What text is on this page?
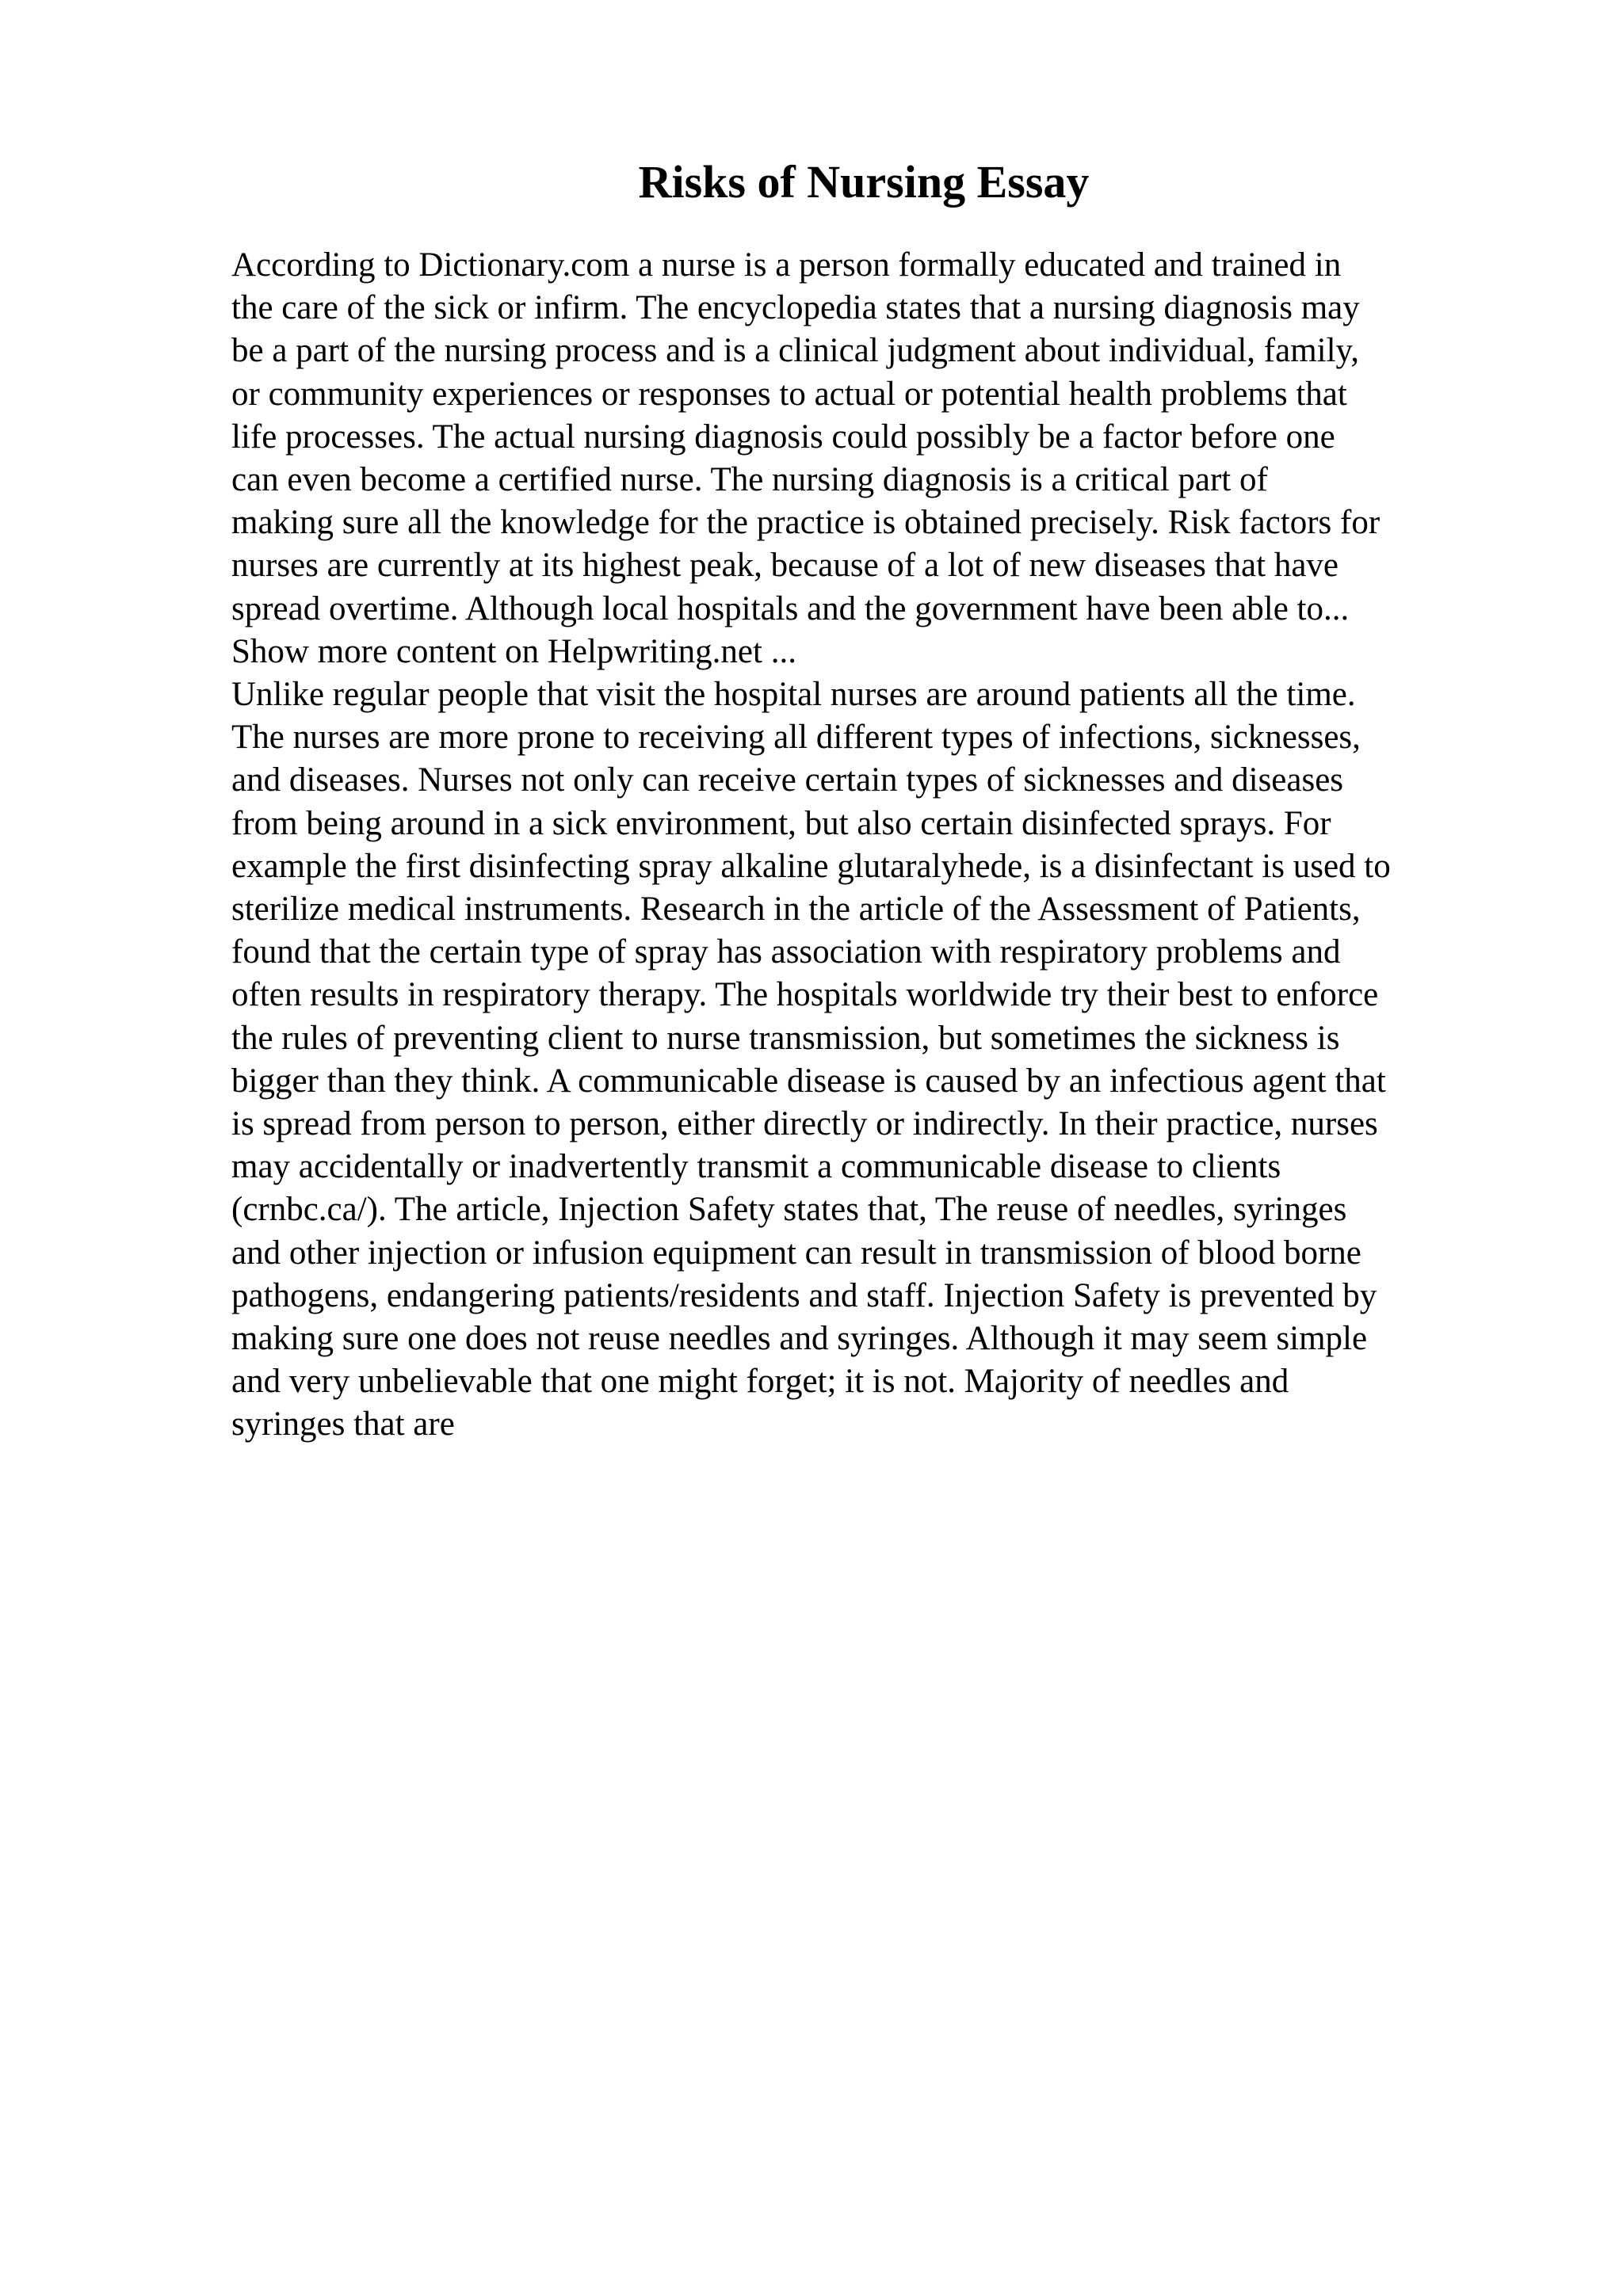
Risks of Nursing Essay
According to Dictionary.com a nurse is a person formally educated and trained in
the care of the sick or infirm. The encyclopedia states that a nursing diagnosis may
be a part of the nursing process and is a clinical judgment about individual, family,
or community experiences or responses to actual or potential health problems that
life processes. The actual nursing diagnosis could possibly be a factor before one
can even become a certified nurse. The nursing diagnosis is a critical part of
making sure all the knowledge for the practice is obtained precisely. Risk factors for
nurses are currently at its highest peak, because of a lot of new diseases that have
spread overtime. Although local hospitals and the government have been able to...
Show more content on Helpwriting.net ...
Unlike regular people that visit the hospital nurses are around patients all the time.
The nurses are more prone to receiving all different types of infections, sicknesses,
and diseases. Nurses not only can receive certain types of sicknesses and diseases
from being around in a sick environment, but also certain disinfected sprays. For
example the first disinfecting spray alkaline glutaralyhede, is a disinfectant is used to
sterilize medical instruments. Research in the article of the Assessment of Patients,
found that the certain type of spray has association with respiratory problems and
often results in respiratory therapy. The hospitals worldwide try their best to enforce
the rules of preventing client to nurse transmission, but sometimes the sickness is
bigger than they think. A communicable disease is caused by an infectious agent that
is spread from person to person, either directly or indirectly. In their practice, nurses
may accidentally or inadvertently transmit a communicable disease to clients
(crnbc.ca/). The article, Injection Safety states that, The reuse of needles, syringes
and other injection or infusion equipment can result in transmission of blood borne
pathogens, endangering patients/residents and staff. Injection Safety is prevented by
making sure one does not reuse needles and syringes. Although it may seem simple
and very unbelievable that one might forget; it is not. Majority of needles and
syringes that are
